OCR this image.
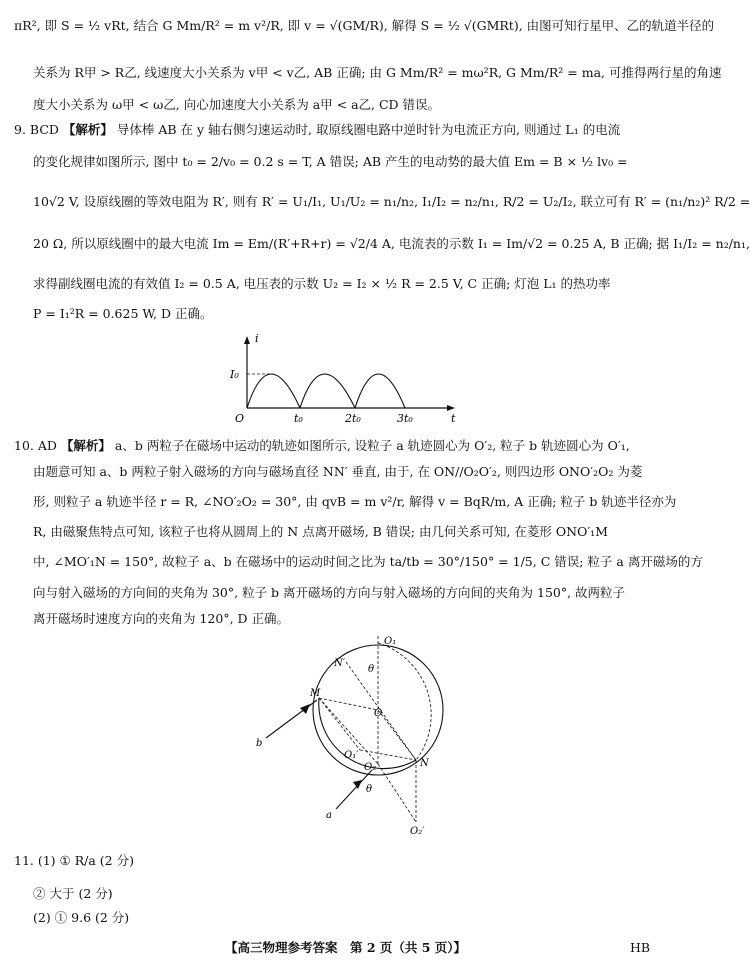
πR², 即 S = ½ vRt, 结合 G Mm/R² = m v²/R, 即 v = √(GM/R), 解得 S = ½ √(GMRt), 由图可知行星甲、乙的轨道半径的
关系为 R甲 > R乙, 线速度大小关系为 v甲 < v乙, AB 正确; 由 G Mm/R² = mω²R, G Mm/R² = ma, 可推得两行星的角速
度大小关系为 ω甲 < ω乙, 向心加速度大小关系为 a甲 < a乙, CD 错误。
9. BCD 【解析】 导体棒 AB 在 y 轴右侧匀速运动时, 取原线圈电路中逆时针为电流正方向, 则通过 L₁ 的电流
的变化规律如图所示, 图中 t₀ = 2/v₀ = 0.2 s = T, A 错误; AB 产生的电动势的最大值 Em = B × ½ lv₀ =
10√2 V, 设原线圈的等效电阻为 R′, 则有 R′ = U₁/I₁, U₁/U₂ = n₁/n₂, I₁/I₂ = n₂/n₁, R/2 = U₂/I₂, 联立可有 R′ = (n₁/n₂)² R/2 =
20 Ω, 所以原线圈中的最大电流 Im = Em/(R′+R+r) = √2/4 A, 电流表的示数 I₁ = Im/√2 = 0.25 A, B 正确; 据 I₁/I₂ = n₂/n₁,
求得副线圈电流的有效值 I₂ = 0.5 A, 电压表的示数 U₂ = I₂ × ½ R = 2.5 V, C 正确; 灯泡 L₁ 的热功率
P = I₁²R = 0.625 W, D 正确。
i
t
I₀
O	t₀	2t₀	3t₀
10. AD 【解析】 a、b 两粒子在磁场中运动的轨迹如图所示, 设粒子 a 轨迹圆心为 O′₂, 粒子 b 轨迹圆心为 O′₁,
由题意可知 a、b 两粒子射入磁场的方向与磁场直径 NN′ 垂直, 由于, 在 ON//O₂O′₂, 则四边形 ONO′₂O₂ 为菱
形, 则粒子 a 轨迹半径 r = R, ∠NO′₂O₂ = 30°, 由 qvB = m v²/r, 解得 v = BqR/m, A 正确; 粒子 b 轨迹半径亦为
R, 由磁聚焦特点可知, 该粒子也将从圆周上的 N 点离开磁场, B 错误; 由几何关系可知, 在菱形 ONO′₁M
中, ∠MO′₁N = 150°, 故粒子 a、b 在磁场中的运动时间之比为 ta/tb = 30°/150° = 1/5, C 错误; 粒子 a 离开磁场的方
向与射入磁场的方向间的夹角为 30°, 粒子 b 离开磁场的方向与射入磁场的方向间的夹角为 150°, 故两粒子
离开磁场时速度方向的夹角为 120°, D 正确。
O₁
N′
θ
M
O
b
O₁′
O₂	N
θ
a
O₂′
11. (1) ① R/a (2 分)
② 大于 (2 分)
(2) ① 9.6 (2 分)
【高三物理参考答案　第 2 页（共 5 页）】	HB
